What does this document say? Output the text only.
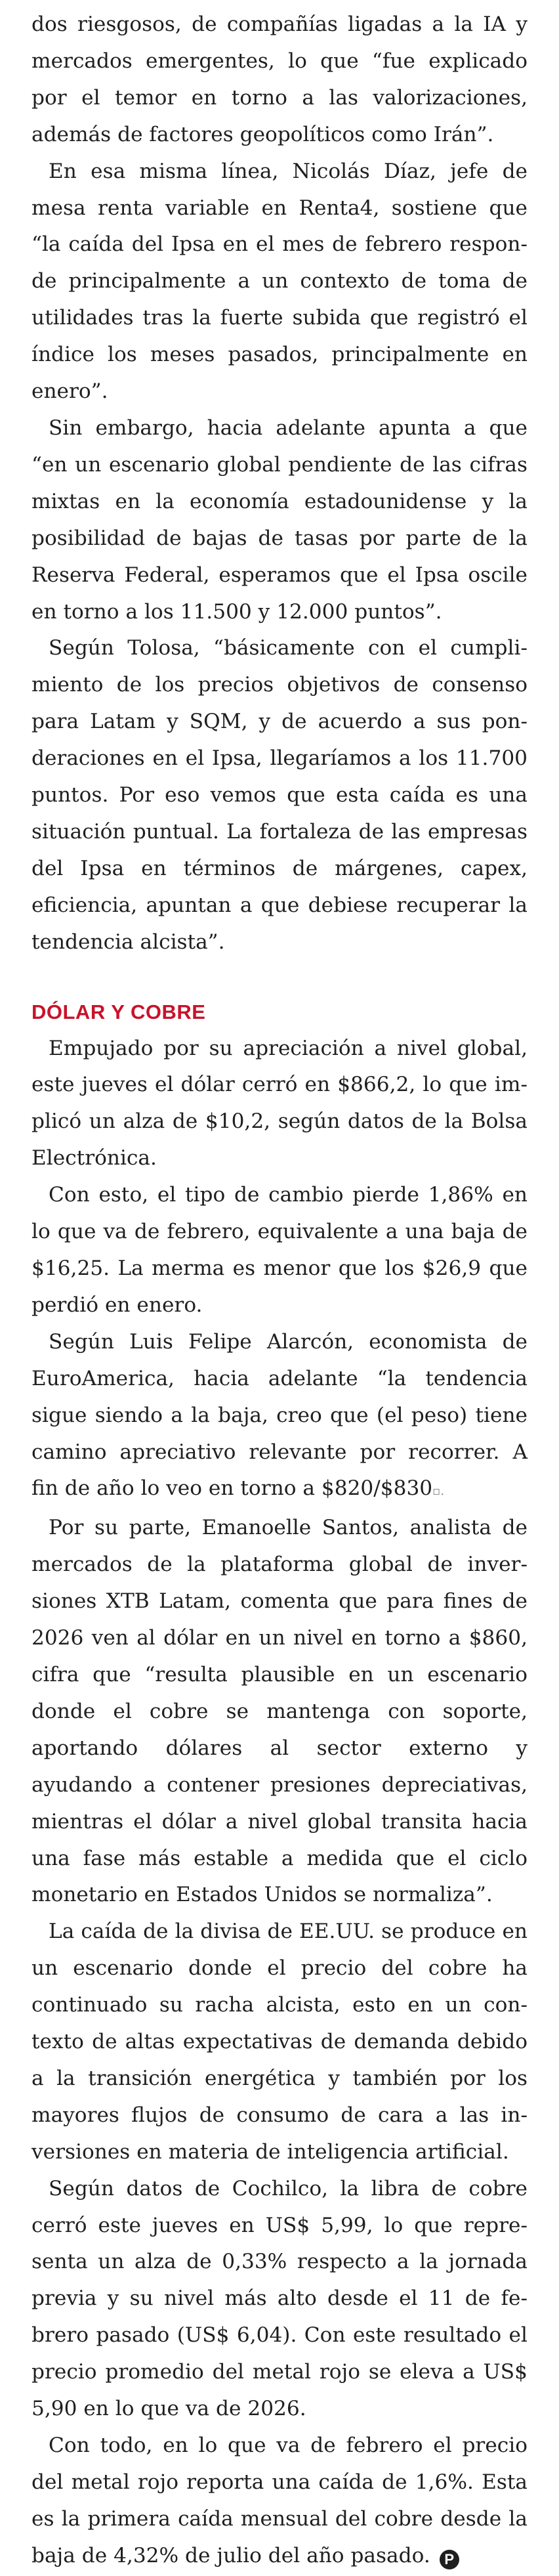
dos riesgosos, de compañías ligadas a la IA y mercados emergentes, lo que “fue explicado por el temor en torno a las valorizaciones, además de factores geopolíticos como Irán”.

En esa misma línea, Nicolás Díaz, jefe de mesa renta variable en Renta4, sostiene que “la caída del Ipsa en el mes de febrero responde principalmente a un contexto de toma de utilidades tras la fuerte subida que registró el índice los meses pasados, principalmente en enero”.

Sin embargo, hacia adelante apunta a que “en un escenario global pendiente de las cifras mixtas en la economía estadounidense y la posibilidad de bajas de tasas por parte de la Reserva Federal, esperamos que el Ipsa oscile en torno a los 11.500 y 12.000 puntos”.

Según Tolosa, “básicamente con el cumplimiento de los precios objetivos de consenso para Latam y SQM, y de acuerdo a sus ponderaciones en el Ipsa, llegaríamos a los 11.700 puntos. Por eso vemos que esta caída es una situación puntual. La fortaleza de las empresas del Ipsa en términos de márgenes, capex, eficiencia, apuntan a que debiese recuperar la tendencia alcista”.

DÓLAR Y COBRE

Empujado por su apreciación a nivel global, este jueves el dólar cerró en $866,2, lo que implicó un alza de $10,2, según datos de la Bolsa Electrónica.

Con esto, el tipo de cambio pierde 1,86% en lo que va de febrero, equivalente a una baja de $16,25. La merma es menor que los $26,9 que perdió en enero.

Según Luis Felipe Alarcón, economista de EuroAmerica, hacia adelante “la tendencia sigue siendo a la baja, creo que (el peso) tiene camino apreciativo relevante por recorrer. A fin de año lo veo en torno a $820/$830▫.

Por su parte, Emanoelle Santos, analista de mercados de la plataforma global de inversiones XTB Latam, comenta que para fines de 2026 ven al dólar en un nivel en torno a $860, cifra que “resulta plausible en un escenario donde el cobre se mantenga con soporte, aportando dólares al sector externo y ayudando a contener presiones depreciativas, mientras el dólar a nivel global transita hacia una fase más estable a medida que el ciclo monetario en Estados Unidos se normaliza”.

La caída de la divisa de EE.UU. se produce en un escenario donde el precio del cobre ha continuado su racha alcista, esto en un contexto de altas expectativas de demanda debido a la transición energética y también por los mayores flujos de consumo de cara a las inversiones en materia de inteligencia artificial.

Según datos de Cochilco, la libra de cobre cerró este jueves en US$ 5,99, lo que representa un alza de 0,33% respecto a la jornada previa y su nivel más alto desde el 11 de febrero pasado (US$ 6,04). Con este resultado el precio promedio del metal rojo se eleva a US$ 5,90 en lo que va de 2026.

Con todo, en lo que va de febrero el precio del metal rojo reporta una caída de 1,6%. Esta es la primera caída mensual del cobre desde la baja de 4,32% de julio del año pasado. P
